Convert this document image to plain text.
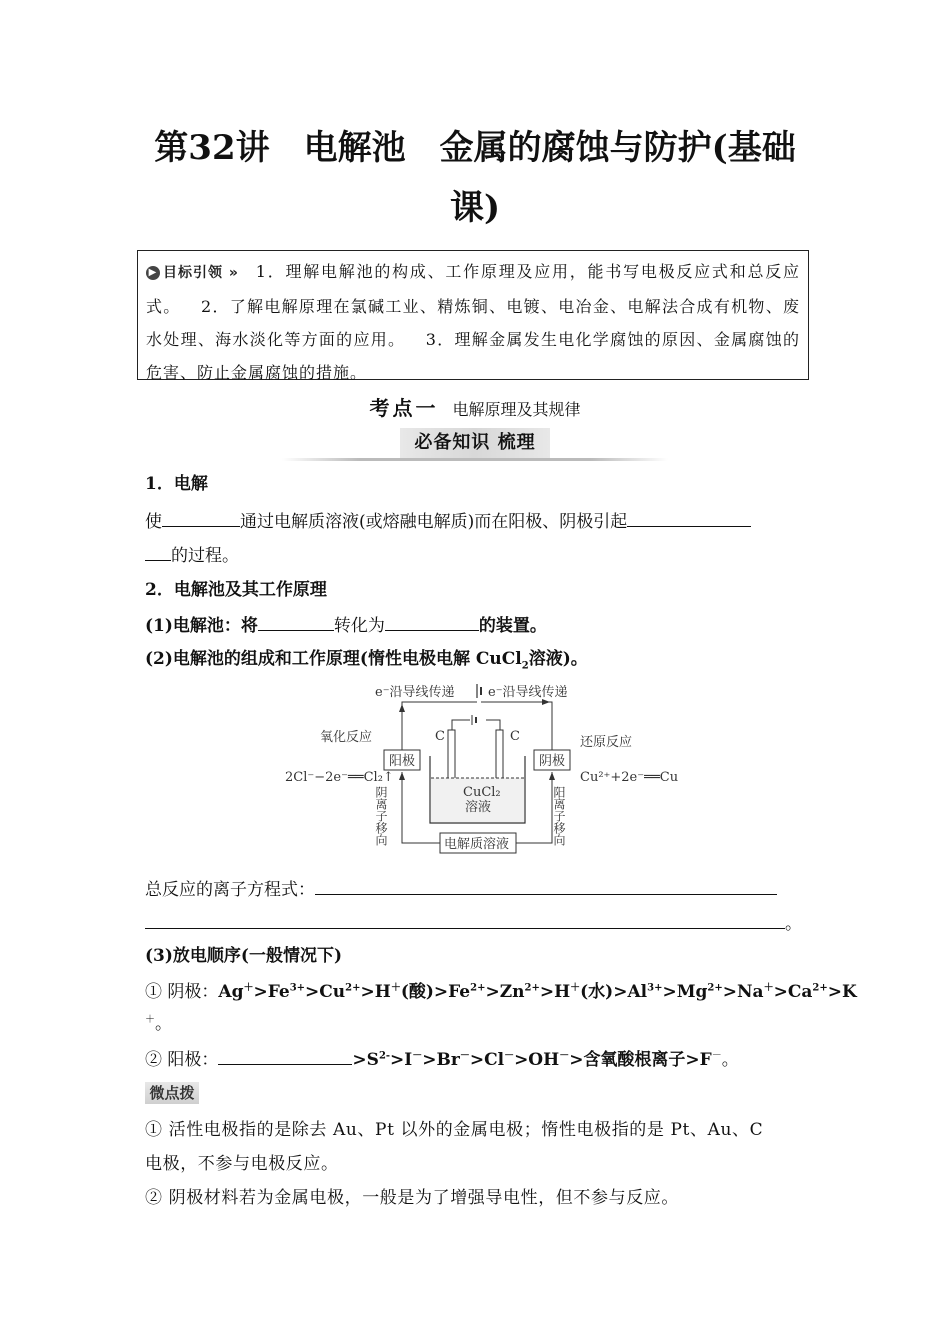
第32讲　电解池　金属的腐蚀与防护(基础
课)
▶ 目标引领 » 1．理解电解池的构成、工作原理及应用，能书写电极反应式和总反应式。 2．了解电解原理在氯碱工业、精炼铜、电镀、电冶金、电解法合成有机物、废水处理、海水淡化等方面的应用。 3．理解金属发生电化学腐蚀的原因、金属腐蚀的危害、防止金属腐蚀的措施。
考点一 电解原理及其规律
必备知识 梳理
1．电解
使	通过电解质溶液(或熔融电解质)而在阳极、阴极引起
的过程。
2．电解池及其工作原理
(1)电解池：将	转化为	的装置。
(2)电解池的组成和工作原理(惰性电极电解 CuCl$_2$溶液)。
e⁻沿导线传递	e⁻沿导线传递
C	C
CuCl₂
溶液
氧化反应
阳极
2Cl⁻−2e⁻══Cl₂↑
阴极
还原反应
Cu²⁺+2e⁻══Cu
电解质溶液
阴离子移向	阳离子移向
总反应的离子方程式：
。
(3)放电顺序(一般情况下)
① 阴极：$Ag^+>Fe^{3+}>Cu^{2+}>H^+$(酸)$>Fe^{2+}>Zn^{2+}>H^+$(水)$>Al^{3+}>Mg^{2+}>Na^+>Ca^{2+}>K$
＋。
② 阳极：	$>S^{2-}>I^->Br^->Cl^->OH^->$含氧酸根离子>F－。
微点拨
① 活性电极指的是除去 Au、Pt 以外的金属电极；惰性电极指的是 Pt、Au、C
电极，不参与电极反应。
② 阴极材料若为金属电极，一般是为了增强导电性，但不参与反应。
